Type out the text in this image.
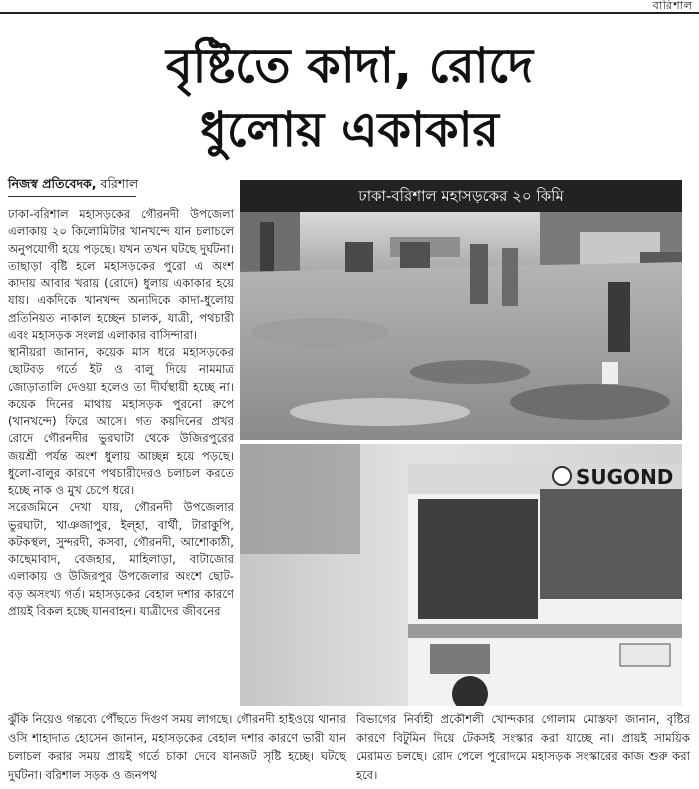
বারিশাল
বৃষ্টিতে কাদা, রোদে
ধুলোয় একাকার
নিজস্ব প্রতিবেদক, বরিশাল

ঢাকা-বরিশাল মহাসড়কের গৌরনদী উপজেলা এলাকায় ২০ কিলোমিটার খানখন্দে যান চলাচলে অনুপযোগী হয়ে পড়ছে। যখন তখন ঘটছে দুর্ঘটনা। তাছাড়া বৃষ্টি হলে মহাসড়কের পুরো এ অংশ কাদায় আবার খরায় (রোদে) ধুলায় একাকার হয়ে যায়। একদিকে খানখন্দ অন্যদিকে কাদা-ধুলোয় প্রতিনিয়ত নাকাল হচ্ছেন চালক, যাত্রী, পথচারী এবং মহাসড়ক সংলগ্ন এলাকার বাসিন্দারা।

স্থানীয়রা জানান, কয়েক মাস ধরে মহাসড়কের ছোটবড় গর্তে ইট ও বালু দিয়ে নামমাত্র জোড়াতালি দেওয়া হলেও তা দীর্ঘস্থায়ী হচ্ছে না। কয়েক দিনের মাথায় মহাসড়ক পুরনো রুপে (খানখন্দে) ফিরে আসে। গত কয়দিনের প্রখর রোদে গৌরনদীর ভুরঘাটা থেকে উজিরপুরের জয়শ্রী পর্যন্ত অংশ ধুলায় আচ্ছন্ন হয়ে পড়ছে। ধুলো-বালুর কারণে পথচারীদেরও চলাচল করতে হচ্ছে নাক ও মুখ চেপে ধরে।

সরেজমিনে দেখা যায়, গৌরনদী উপজেলার ভুরঘাটা, খাঞজাপুর, ইল্হা, বার্থী, টারাকুপি, কটকস্থল, সুন্দরদী, কসবা, গৌরনদী, আশোকাঠী, কাছেমাবাদ, বেজহার, মাহিলাড়া, বাটাজোর এলাকায় ও উজিরপুর উপজেলার অংশে ছোট-বড় অসংখ্য গর্ত। মহাসড়কের বেহাল দশার কারণে প্রায়ই বিকল হচ্ছে যানবাহন। যাত্রীদের জীবনের

ঢাকা-বরিশাল মহাসড়কের ২০ কিমি
SUGOND

ঝুঁকি নিয়েও গন্তব্যে পৌঁছতে দিগুণ সময় লাগছে। গৌরনদী হাইওয়ে থানার ওসি শাহাদাত হোসেন জানান, মহাসড়কের বেহাল দশার কারণে ভারী যান চলাচল করার সময় প্রায়ই গর্তে চাকা দেবে যানজট সৃষ্টি হচ্ছে। ঘটছে দুর্ঘটনা। বরিশাল সড়ক ও জনপথ

বিভাগের নির্বাহী প্রকৌশলী খোন্দকার গোলাম মোস্তফা জানান, বৃষ্টির কারণে বিটুমিন দিয়ে টেকসই সংস্কার করা যাচ্ছে না। প্রায়ই সাময়িক মেরামত চলছে। রোদ পেলে পুরোদমে মহাসড়ক সংস্কারের কাজ শুরু করা হবে।
